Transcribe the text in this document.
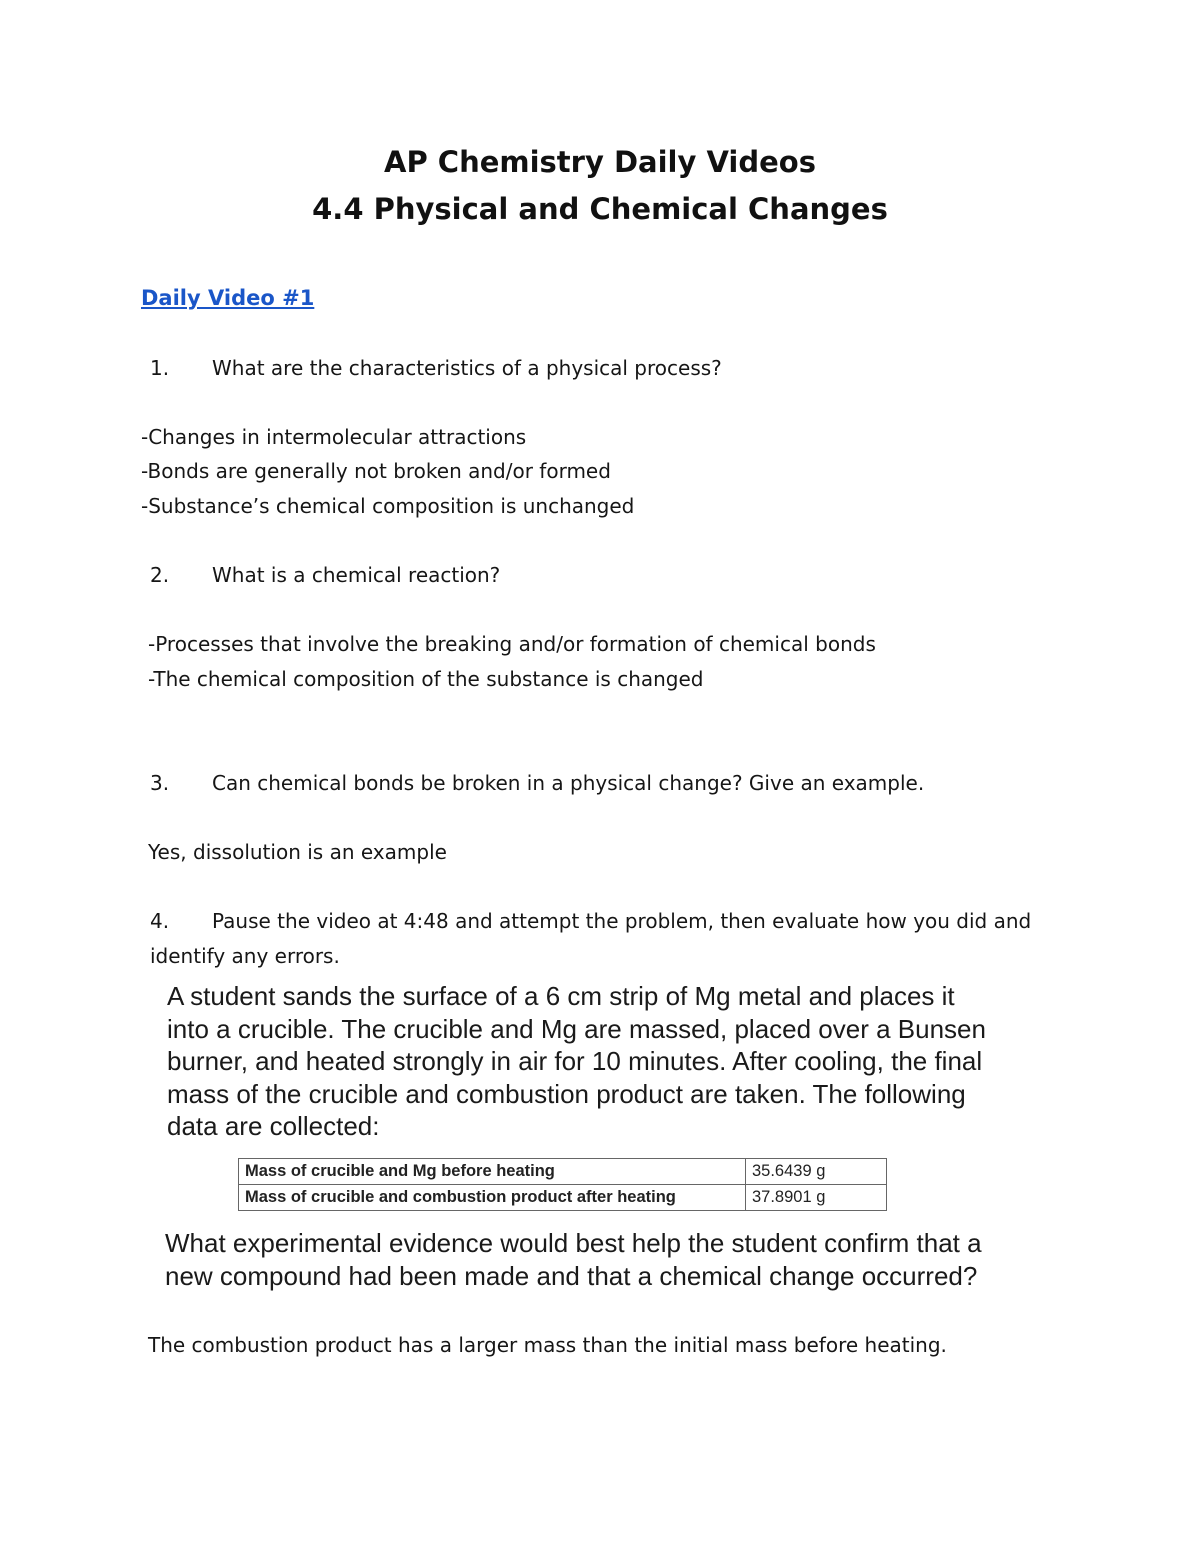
AP Chemistry Daily Videos
4.4 Physical and Chemical Changes
Daily Video #1
1. What are the characteristics of a physical process?
-Changes in intermolecular attractions
-Bonds are generally not broken and/or formed
-Substance’s chemical composition is unchanged
2. What is a chemical reaction?
-Processes that involve the breaking and/or formation of chemical bonds
-The chemical composition of the substance is changed
3. Can chemical bonds be broken in a physical change? Give an example.
Yes, dissolution is an example
4. Pause the video at 4:48 and attempt the problem, then evaluate how you did and
identify any errors.
A student sands the surface of a 6 cm strip of Mg metal and places it
into a crucible. The crucible and Mg are massed, placed over a Bunsen
burner, and heated strongly in air for 10 minutes. After cooling, the final
mass of the crucible and combustion product are taken. The following
data are collected:
Mass of crucible and Mg before heating	35.6439 g
Mass of crucible and combustion product after heating	37.8901 g
What experimental evidence would best help the student confirm that a
new compound had been made and that a chemical change occurred?
The combustion product has a larger mass than the initial mass before heating.
